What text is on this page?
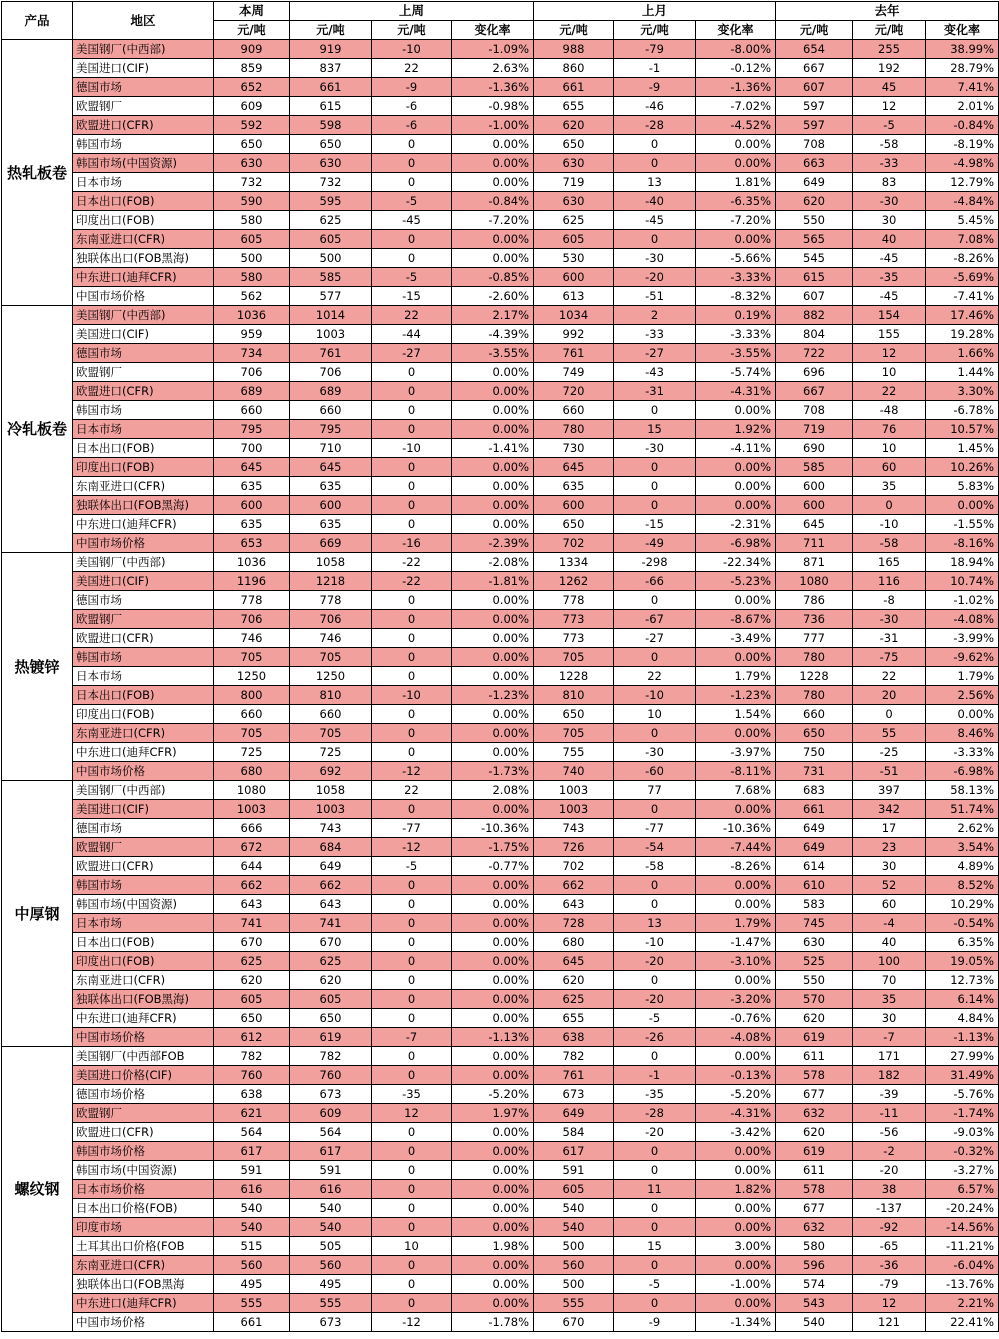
产品	地区	本周	上周			上月			去年		
		元/吨	元/吨	元/吨	变化率	元/吨	元/吨	变化率	元/吨	元/吨	变化率
热轧板卷	美国钢厂(中西部)	909	919	-10	-1.09%	988	-79	-8.00%	654	255	38.99%
	美国进口(CIF)	859	837	22	2.63%	860	-1	-0.12%	667	192	28.79%
	德国市场	652	661	-9	-1.36%	661	-9	-1.36%	607	45	7.41%
	欧盟钢厂	609	615	-6	-0.98%	655	-46	-7.02%	597	12	2.01%
	欧盟进口(CFR)	592	598	-6	-1.00%	620	-28	-4.52%	597	-5	-0.84%
	韩国市场	650	650	0	0.00%	650	0	0.00%	708	-58	-8.19%
	韩国市场(中国资源)	630	630	0	0.00%	630	0	0.00%	663	-33	-4.98%
	日本市场	732	732	0	0.00%	719	13	1.81%	649	83	12.79%
	日本出口(FOB)	590	595	-5	-0.84%	630	-40	-6.35%	620	-30	-4.84%
	印度出口(FOB)	580	625	-45	-7.20%	625	-45	-7.20%	550	30	5.45%
	东南亚进口(CFR)	605	605	0	0.00%	605	0	0.00%	565	40	7.08%
	独联体出口(FOB黑海)	500	500	0	0.00%	530	-30	-5.66%	545	-45	-8.26%
	中东进口(迪拜CFR)	580	585	-5	-0.85%	600	-20	-3.33%	615	-35	-5.69%
	中国市场价格	562	577	-15	-2.60%	613	-51	-8.32%	607	-45	-7.41%
冷轧板卷	美国钢厂(中西部)	1036	1014	22	2.17%	1034	2	0.19%	882	154	17.46%
	美国进口(CIF)	959	1003	-44	-4.39%	992	-33	-3.33%	804	155	19.28%
	德国市场	734	761	-27	-3.55%	761	-27	-3.55%	722	12	1.66%
	欧盟钢厂	706	706	0	0.00%	749	-43	-5.74%	696	10	1.44%
	欧盟进口(CFR)	689	689	0	0.00%	720	-31	-4.31%	667	22	3.30%
	韩国市场	660	660	0	0.00%	660	0	0.00%	708	-48	-6.78%
	日本市场	795	795	0	0.00%	780	15	1.92%	719	76	10.57%
	日本出口(FOB)	700	710	-10	-1.41%	730	-30	-4.11%	690	10	1.45%
	印度出口(FOB)	645	645	0	0.00%	645	0	0.00%	585	60	10.26%
	东南亚进口(CFR)	635	635	0	0.00%	635	0	0.00%	600	35	5.83%
	独联体出口(FOB黑海)	600	600	0	0.00%	600	0	0.00%	600	0	0.00%
	中东进口(迪拜CFR)	635	635	0	0.00%	650	-15	-2.31%	645	-10	-1.55%
	中国市场价格	653	669	-16	-2.39%	702	-49	-6.98%	711	-58	-8.16%
热镀锌	美国钢厂(中西部)	1036	1058	-22	-2.08%	1334	-298	-22.34%	871	165	18.94%
	美国进口(CIF)	1196	1218	-22	-1.81%	1262	-66	-5.23%	1080	116	10.74%
	德国市场	778	778	0	0.00%	778	0	0.00%	786	-8	-1.02%
	欧盟钢厂	706	706	0	0.00%	773	-67	-8.67%	736	-30	-4.08%
	欧盟进口(CFR)	746	746	0	0.00%	773	-27	-3.49%	777	-31	-3.99%
	韩国市场	705	705	0	0.00%	705	0	0.00%	780	-75	-9.62%
	日本市场	1250	1250	0	0.00%	1228	22	1.79%	1228	22	1.79%
	日本出口(FOB)	800	810	-10	-1.23%	810	-10	-1.23%	780	20	2.56%
	印度出口(FOB)	660	660	0	0.00%	650	10	1.54%	660	0	0.00%
	东南亚进口(CFR)	705	705	0	0.00%	705	0	0.00%	650	55	8.46%
	中东进口(迪拜CFR)	725	725	0	0.00%	755	-30	-3.97%	750	-25	-3.33%
	中国市场价格	680	692	-12	-1.73%	740	-60	-8.11%	731	-51	-6.98%
中厚钢	美国钢厂(中西部)	1080	1058	22	2.08%	1003	77	7.68%	683	397	58.13%
	美国进口(CIF)	1003	1003	0	0.00%	1003	0	0.00%	661	342	51.74%
	德国市场	666	743	-77	-10.36%	743	-77	-10.36%	649	17	2.62%
	欧盟钢厂	672	684	-12	-1.75%	726	-54	-7.44%	649	23	3.54%
	欧盟进口(CFR)	644	649	-5	-0.77%	702	-58	-8.26%	614	30	4.89%
	韩国市场	662	662	0	0.00%	662	0	0.00%	610	52	8.52%
	韩国市场(中国资源)	643	643	0	0.00%	643	0	0.00%	583	60	10.29%
	日本市场	741	741	0	0.00%	728	13	1.79%	745	-4	-0.54%
	日本出口(FOB)	670	670	0	0.00%	680	-10	-1.47%	630	40	6.35%
	印度出口(FOB)	625	625	0	0.00%	645	-20	-3.10%	525	100	19.05%
	东南亚进口(CFR)	620	620	0	0.00%	620	0	0.00%	550	70	12.73%
	独联体出口(FOB黑海)	605	605	0	0.00%	625	-20	-3.20%	570	35	6.14%
	中东进口(迪拜CFR)	650	650	0	0.00%	655	-5	-0.76%	620	30	4.84%
	中国市场价格	612	619	-7	-1.13%	638	-26	-4.08%	619	-7	-1.13%
螺纹钢	美国钢厂(中西部FOB	782	782	0	0.00%	782	0	0.00%	611	171	27.99%
	美国进口价格(CIF)	760	760	0	0.00%	761	-1	-0.13%	578	182	31.49%
	德国市场价格	638	673	-35	-5.20%	673	-35	-5.20%	677	-39	-5.76%
	欧盟钢厂	621	609	12	1.97%	649	-28	-4.31%	632	-11	-1.74%
	欧盟进口(CFR)	564	564	0	0.00%	584	-20	-3.42%	620	-56	-9.03%
	韩国市场价格	617	617	0	0.00%	617	0	0.00%	619	-2	-0.32%
	韩国市场(中国资源)	591	591	0	0.00%	591	0	0.00%	611	-20	-3.27%
	日本市场价格	616	616	0	0.00%	605	11	1.82%	578	38	6.57%
	日本出口价格(FOB)	540	540	0	0.00%	540	0	0.00%	677	-137	-20.24%
	印度市场	540	540	0	0.00%	540	0	0.00%	632	-92	-14.56%
	土耳其出口价格(FOB	515	505	10	1.98%	500	15	3.00%	580	-65	-11.21%
	东南亚进口(CFR)	560	560	0	0.00%	560	0	0.00%	596	-36	-6.04%
	独联体出口(FOB黑海	495	495	0	0.00%	500	-5	-1.00%	574	-79	-13.76%
	中东进口(迪拜CFR)	555	555	0	0.00%	555	0	0.00%	543	12	2.21%
	中国市场价格	661	673	-12	-1.78%	670	-9	-1.34%	540	121	22.41%
